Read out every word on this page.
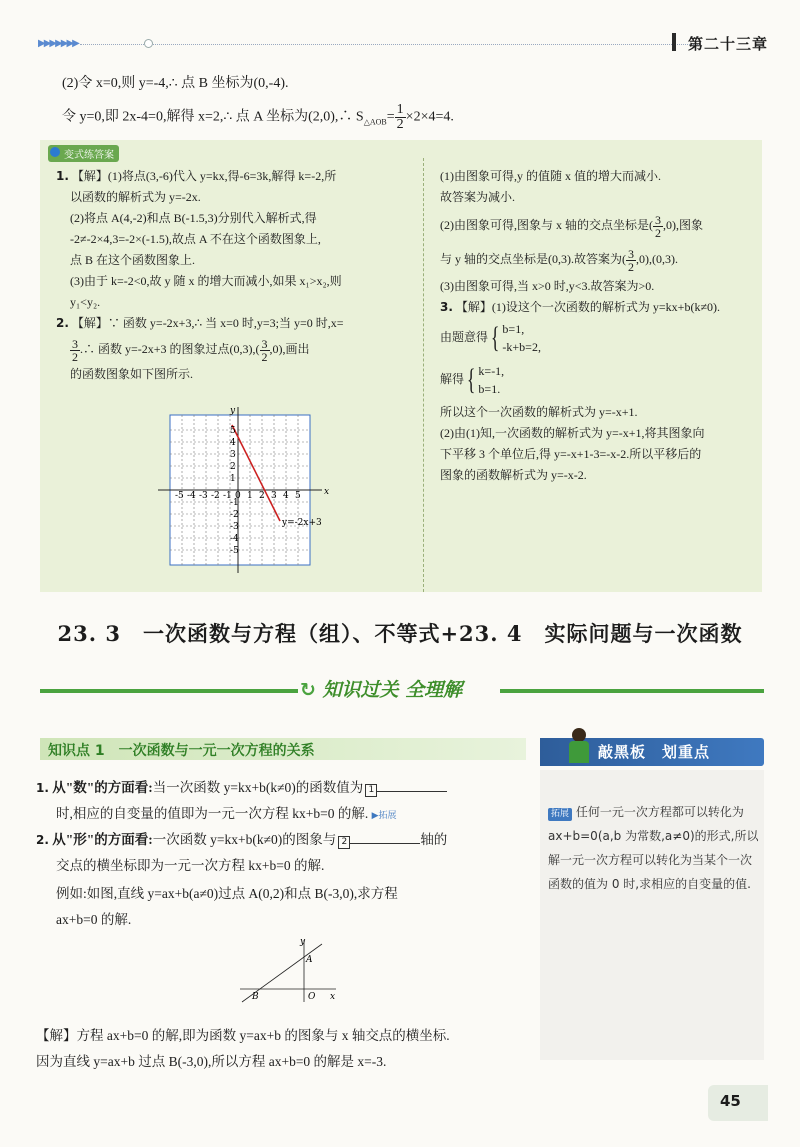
▶▶▶▶▶▶▶	第二十三章
(2)令 x=0,则 y=-4,∴ 点 B 坐标为(0,-4).
令 y=0,即 2x-4=0,解得 x=2,∴ 点 A 坐标为(2,0),∴ $S_{\triangle AOB}= \frac{1}{2} \times 2\times 4=4$.
变式练答案

1. 【解】(1)将点(3,-6)代入 y=kx,得-6=3k,解得 k=-2,所

以函数的解析式为 y=-2x.

(2)将点 A(4,-2)和点 B(-1.5,3)分别代入解析式,得

-2≠-2×4,3=-2×(-1.5),故点 A 不在这个函数图象上,

点 B 在这个函数图象上.

(3)由于 k=-2<0,故 y 随 x 的增大而减小,如果 x₁>x₂,则

y₁<y₂.

2. 【解】∵ 函数 y=-2x+3,∴ 当 x=0 时,y=3;当 y=0 时,x=

$\frac{3}{2}$ .∴ 函数 y=-2x+3 的图象过点$(0,3),( \frac{3}{2} ,0)$,画出

的函数图象如下图所示.

x
y
y=-2x+3
-5 -4 -3 -2 -1 0 1 2 3 4 5
5
4
3
2
1
-1
-2
-3
-4
-5

(1)由图象可得,y 的值随 x 值的增大而减小.

故答案为减小.

(2)由图象可得,图象与 x 轴的交点坐标是( $\frac{3}{2} ,0$),图象

与 y 轴的交点坐标是(0,3).故答案为( $\frac{3}{2} ,0),(0,3)$.

(3)由图象可得,当 x>0 时,y<3.故答案为>0.

3. 【解】(1)设这个一次函数的解析式为 y=kx+b(k≠0).

由题意得{ b=1,
-k+b=2,

解得{ k=-1,
b=1.

所以这个一次函数的解析式为 y=-x+1.

(2)由(1)知,一次函数的解析式为 y=-x+1,将其图象向

下平移 3 个单位后,得 y=-x+1-3=-x-2.所以平移后的

图象的函数解析式为 y=-x-2.

23. 3　一次函数与方程（组）、不等式+23. 4　实际问题与一次函数
↻ 知识过关 全理解
知识点 1　一次函数与一元一次方程的关系
1. 从"数"的方面看:当一次函数 y=kx+b(k≠0)的函数值为 1
时,相应的自变量的值即为一元一次方程 kx+b=0 的解. ▶拓展
2. 从"形"的方面看:一次函数 y=kx+b(k≠0)的图象与 2	轴的
交点的横坐标即为一元一次方程 kx+b=0 的解.
例如:如图,直线 y=ax+b(a≠0)过点 A(0,2)和点 B(-3,0),求方程
ax+b=0 的解.
y
x
A
B	O
【解】方程 ax+b=0 的解,即为函数 y=ax+b 的图象与 x 轴交点的横坐标.
因为直线 y=ax+b 过点 B(-3,0),所以方程 ax+b=0 的解是 x=-3.
敲黑板　划重点
拓展 任何一元一次方程都可以转化为 ax+b=0(a,b 为常数,a≠0)的形式,所以解一元一次方程可以转化为当某个一次函数的值为 0 时,求相应的自变量的值.
45
